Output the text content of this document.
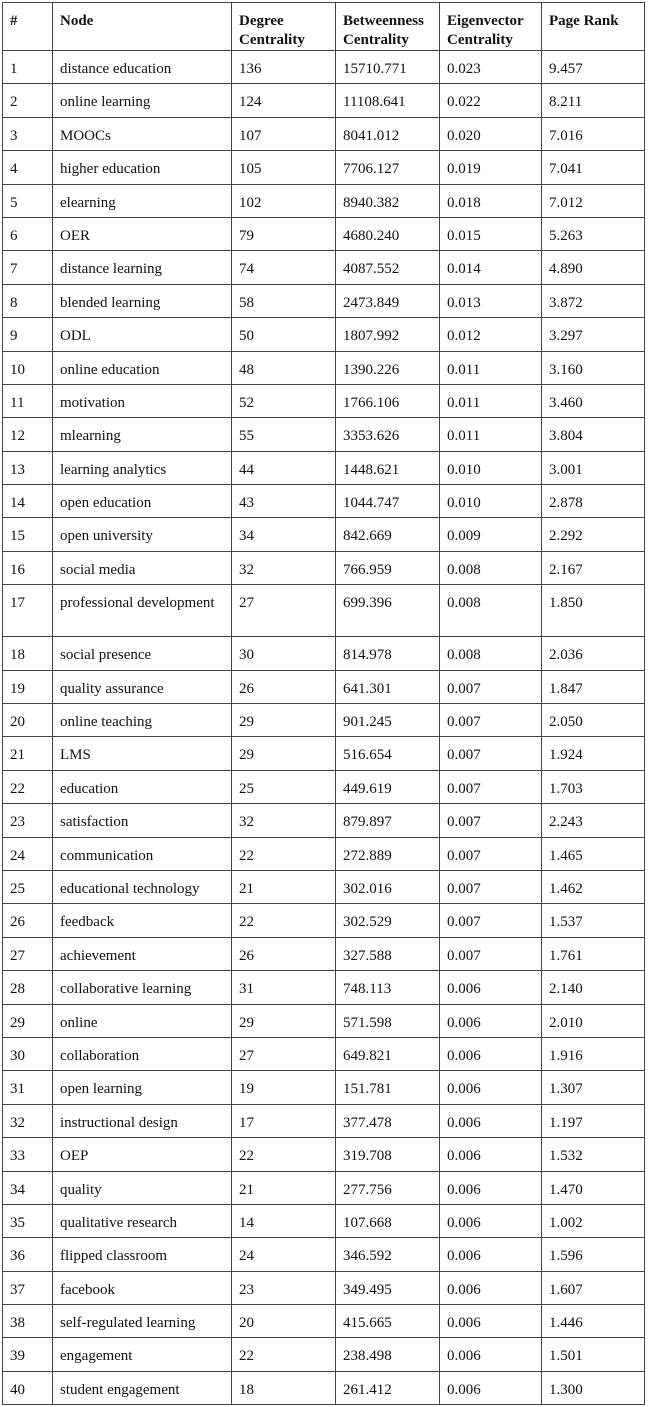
#	Node	Degree Centrality	Betweenness Centrality	Eigenvector Centrality	Page Rank
1	distance education	136	15710.771	0.023	9.457
2	online learning	124	11108.641	0.022	8.211
3	MOOCs	107	8041.012	0.020	7.016
4	higher education	105	7706.127	0.019	7.041
5	elearning	102	8940.382	0.018	7.012
6	OER	79	4680.240	0.015	5.263
7	distance learning	74	4087.552	0.014	4.890
8	blended learning	58	2473.849	0.013	3.872
9	ODL	50	1807.992	0.012	3.297
10	online education	48	1390.226	0.011	3.160
11	motivation	52	1766.106	0.011	3.460
12	mlearning	55	3353.626	0.011	3.804
13	learning analytics	44	1448.621	0.010	3.001
14	open education	43	1044.747	0.010	2.878
15	open university	34	842.669	0.009	2.292
16	social media	32	766.959	0.008	2.167
17	professional development	27	699.396	0.008	1.850
18	social presence	30	814.978	0.008	2.036
19	quality assurance	26	641.301	0.007	1.847
20	online teaching	29	901.245	0.007	2.050
21	LMS	29	516.654	0.007	1.924
22	education	25	449.619	0.007	1.703
23	satisfaction	32	879.897	0.007	2.243
24	communication	22	272.889	0.007	1.465
25	educational technology	21	302.016	0.007	1.462
26	feedback	22	302.529	0.007	1.537
27	achievement	26	327.588	0.007	1.761
28	collaborative learning	31	748.113	0.006	2.140
29	online	29	571.598	0.006	2.010
30	collaboration	27	649.821	0.006	1.916
31	open learning	19	151.781	0.006	1.307
32	instructional design	17	377.478	0.006	1.197
33	OEP	22	319.708	0.006	1.532
34	quality	21	277.756	0.006	1.470
35	qualitative research	14	107.668	0.006	1.002
36	flipped classroom	24	346.592	0.006	1.596
37	facebook	23	349.495	0.006	1.607
38	self-regulated learning	20	415.665	0.006	1.446
39	engagement	22	238.498	0.006	1.501
40	student engagement	18	261.412	0.006	1.300
